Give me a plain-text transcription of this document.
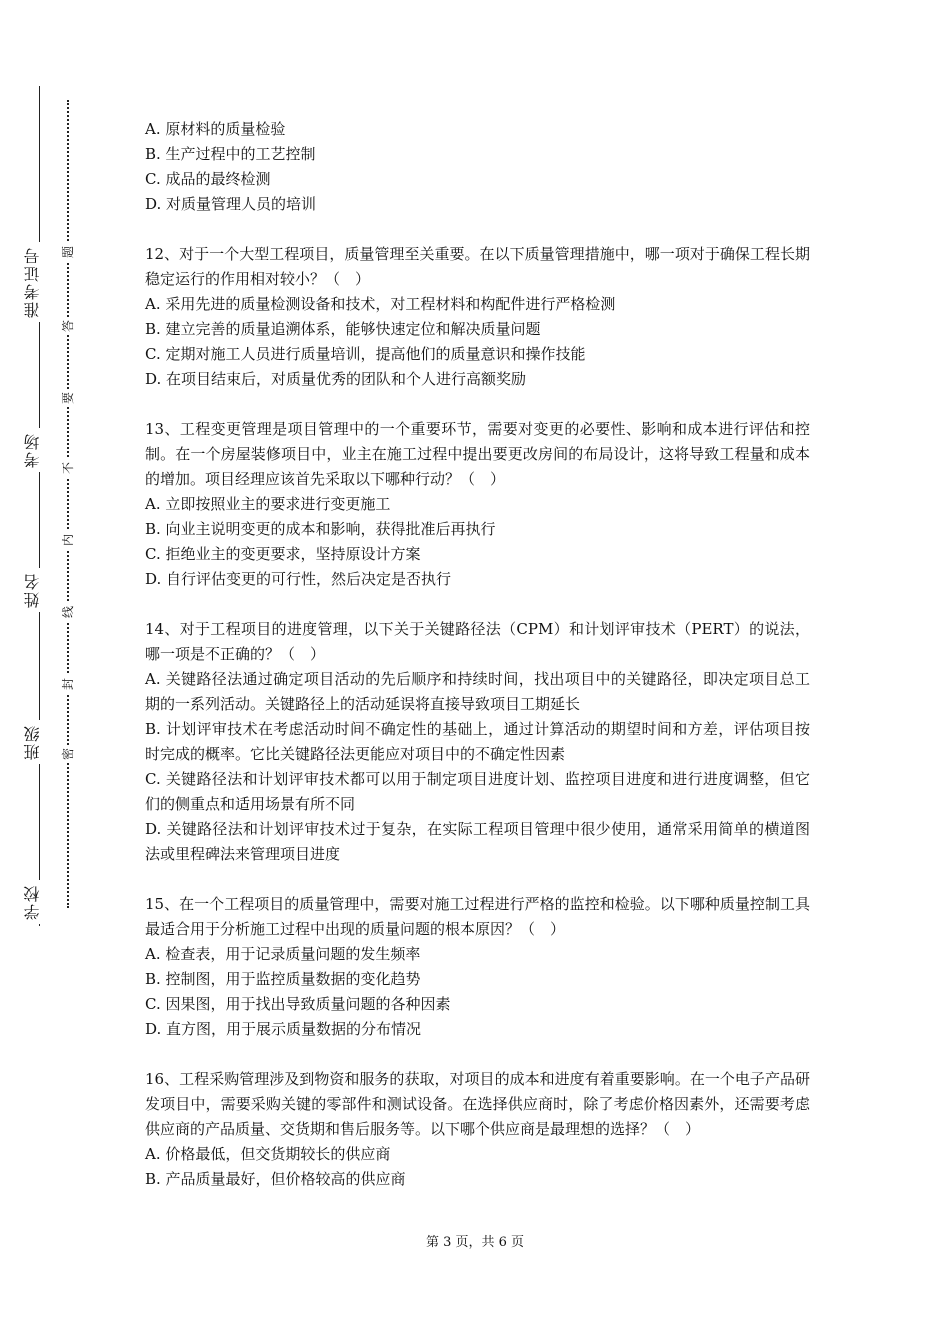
准考证号
考场
姓名
班级
学校
题
答
要
不
内
线
封
密

A. 原材料的质量检验

B. 生产过程中的工艺控制

C. 成品的最终检测

D. 对质量管理人员的培训

12、对于一个大型工程项目，质量管理至关重要。在以下质量管理措施中，哪一项对于确保工程长期稳定运行的作用相对较小？（　）

A. 采用先进的质量检测设备和技术，对工程材料和构配件进行严格检测

B. 建立完善的质量追溯体系，能够快速定位和解决质量问题

C. 定期对施工人员进行质量培训，提高他们的质量意识和操作技能

D. 在项目结束后，对质量优秀的团队和个人进行高额奖励

13、工程变更管理是项目管理中的一个重要环节，需要对变更的必要性、影响和成本进行评估和控制。在一个房屋装修项目中，业主在施工过程中提出要更改房间的布局设计，这将导致工程量和成本的增加。项目经理应该首先采取以下哪种行动？（　）

A. 立即按照业主的要求进行变更施工

B. 向业主说明变更的成本和影响，获得批准后再执行

C. 拒绝业主的变更要求，坚持原设计方案

D. 自行评估变更的可行性，然后决定是否执行

14、对于工程项目的进度管理，以下关于关键路径法（CPM）和计划评审技术（PERT）的说法，哪一项是不正确的？（　）

A. 关键路径法通过确定项目活动的先后顺序和持续时间，找出项目中的关键路径，即决定项目总工期的一系列活动。关键路径上的活动延误将直接导致项目工期延长

B. 计划评审技术在考虑活动时间不确定性的基础上，通过计算活动的期望时间和方差，评估项目按时完成的概率。它比关键路径法更能应对项目中的不确定性因素

C. 关键路径法和计划评审技术都可以用于制定项目进度计划、监控项目进度和进行进度调整，但它们的侧重点和适用场景有所不同

D. 关键路径法和计划评审技术过于复杂，在实际工程项目管理中很少使用，通常采用简单的横道图法或里程碑法来管理项目进度

15、在一个工程项目的质量管理中，需要对施工过程进行严格的监控和检验。以下哪种质量控制工具最适合用于分析施工过程中出现的质量问题的根本原因？（　）

A. 检查表，用于记录质量问题的发生频率

B. 控制图，用于监控质量数据的变化趋势

C. 因果图，用于找出导致质量问题的各种因素

D. 直方图，用于展示质量数据的分布情况

16、工程采购管理涉及到物资和服务的获取，对项目的成本和进度有着重要影响。在一个电子产品研发项目中，需要采购关键的零部件和测试设备。在选择供应商时，除了考虑价格因素外，还需要考虑供应商的产品质量、交货期和售后服务等。以下哪个供应商是最理想的选择？（　）

A. 价格最低，但交货期较长的供应商

B. 产品质量最好，但价格较高的供应商

第 3 页，共 6 页
